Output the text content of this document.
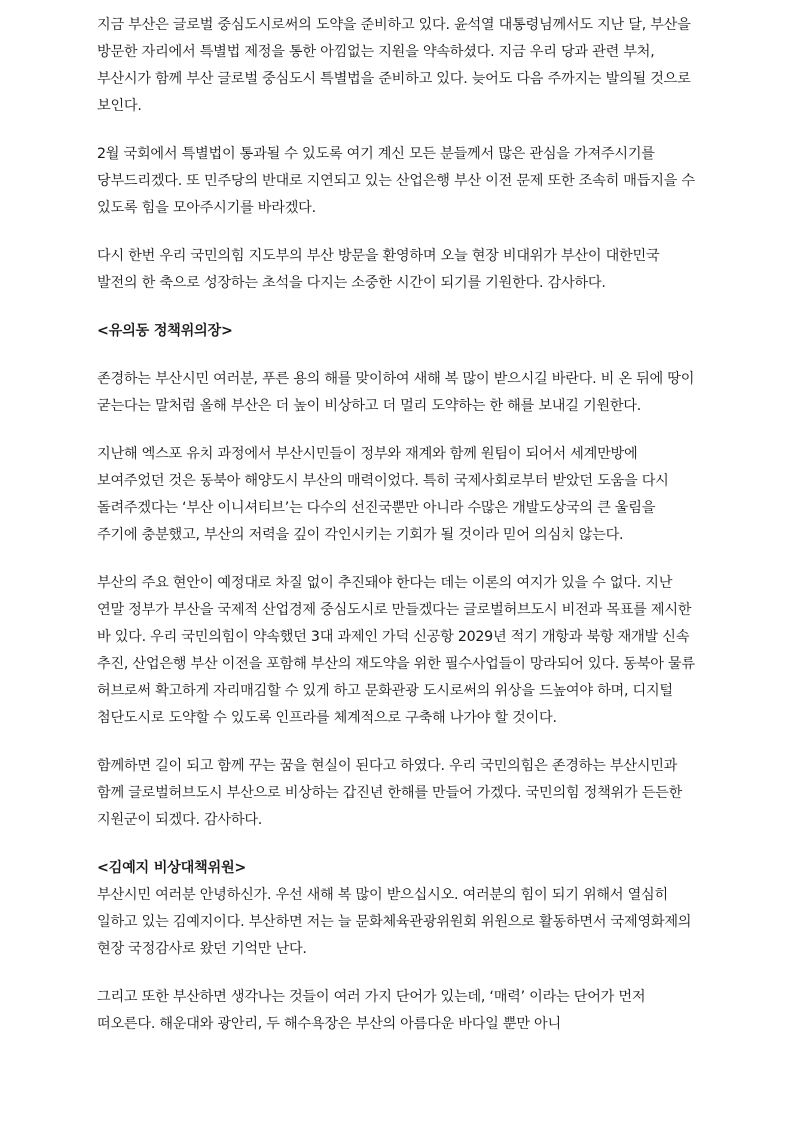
지금 부산은 글로벌 중심도시로써의 도약을 준비하고 있다. 윤석열 대통령님께서도 지난 달, 부산을 방문한 자리에서 특별법 제정을 통한 아낌없는 지원을 약속하셨다. 지금 우리 당과 관련 부처, 부산시가 함께 부산 글로벌 중심도시 특별법을 준비하고 있다. 늦어도 다음 주까지는 발의될 것으로 보인다.

2월 국회에서 특별법이 통과될 수 있도록 여기 계신 모든 분들께서 많은 관심을 가져주시기를 당부드리겠다. 또 민주당의 반대로 지연되고 있는 산업은행 부산 이전 문제 또한 조속히 매듭지을 수 있도록 힘을 모아주시기를 바라겠다.

다시 한번 우리 국민의힘 지도부의 부산 방문을 환영하며 오늘 현장 비대위가 부산이 대한민국 발전의 한 축으로 성장하는 초석을 다지는 소중한 시간이 되기를 기원한다. 감사하다.

<유의동 정책위의장>

존경하는 부산시민 여러분, 푸른 용의 해를 맞이하여 새해 복 많이 받으시길 바란다. 비 온 뒤에 땅이 굳는다는 말처럼 올해 부산은 더 높이 비상하고 더 멀리 도약하는 한 해를 보내길 기원한다.

지난해 엑스포 유치 과정에서 부산시민들이 정부와 재계와 함께 원팀이 되어서 세계만방에 보여주었던 것은 동북아 해양도시 부산의 매력이었다. 특히 국제사회로부터 받았던 도움을 다시 돌려주겠다는 ‘부산 이니셔티브’는 다수의 선진국뿐만 아니라 수많은 개발도상국의 큰 울림을 주기에 충분했고, 부산의 저력을 깊이 각인시키는 기회가 될 것이라 믿어 의심치 않는다.

부산의 주요 현안이 예정대로 차질 없이 추진돼야 한다는 데는 이론의 여지가 있을 수 없다. 지난 연말 정부가 부산을 국제적 산업경제 중심도시로 만들겠다는 글로벌허브도시 비전과 목표를 제시한 바 있다. 우리 국민의힘이 약속했던 3대 과제인 가덕 신공항 2029년 적기 개항과 북항 재개발 신속 추진, 산업은행 부산 이전을 포함해 부산의 재도약을 위한 필수사업들이 망라되어 있다. 동북아 물류 허브로써 확고하게 자리매김할 수 있게 하고 문화관광 도시로써의 위상을 드높여야 하며, 디지털 첨단도시로 도약할 수 있도록 인프라를 체계적으로 구축해 나가야 할 것이다.

함께하면 길이 되고 함께 꾸는 꿈을 현실이 된다고 하였다. 우리 국민의힘은 존경하는 부산시민과 함께 글로벌허브도시 부산으로 비상하는 갑진년 한해를 만들어 가겠다. 국민의힘 정책위가 든든한 지원군이 되겠다. 감사하다.

<김예지 비상대책위원>

부산시민 여러분 안녕하신가. 우선 새해 복 많이 받으십시오. 여러분의 힘이 되기 위해서 열심히 일하고 있는 김예지이다. 부산하면 저는 늘 문화체육관광위원회 위원으로 활동하면서 국제영화제의 현장 국정감사로 왔던 기억만 난다.

그리고 또한 부산하면 생각나는 것들이 여러 가지 단어가 있는데, ‘매력’ 이라는 단어가 먼저 떠오른다. 해운대와 광안리, 두 해수욕장은 부산의 아름다운 바다일 뿐만 아니
